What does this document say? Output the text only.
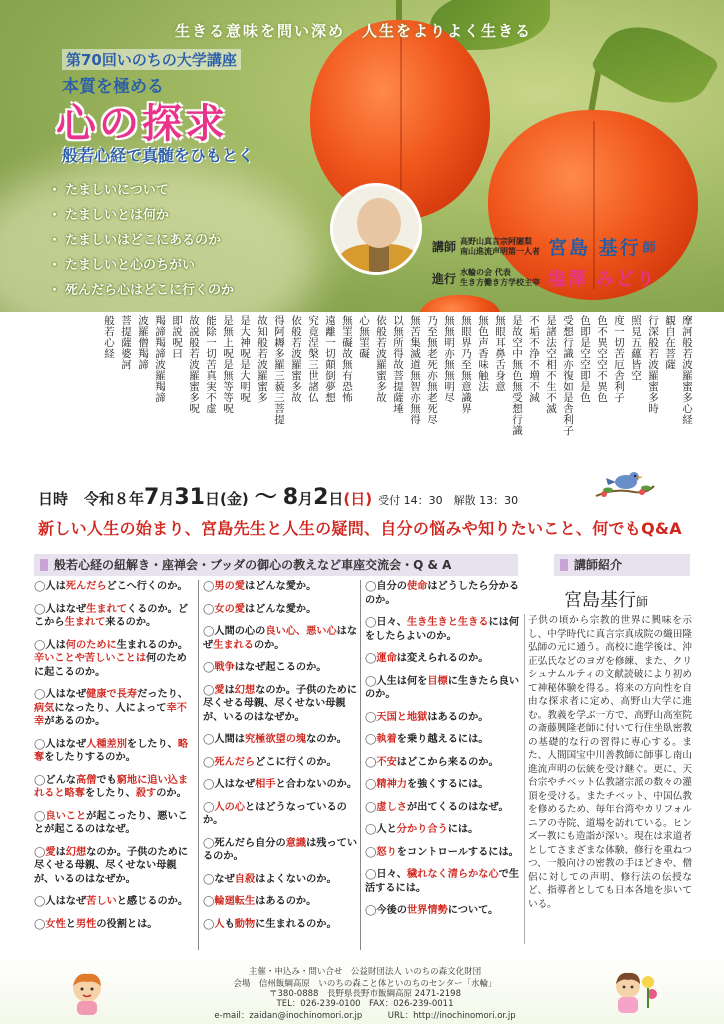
生きる意味を問い深め　人生をよりよく生きる
第70回いのちの大学講座
本質を極める
心の探求
般若心経で真髄をひもとく
・ たましいについて
・ たましいとは何か
・ たましいはどこにあるのか
・ たましいと心のちがい
・ 死んだら心はどこに行くのか
講師 高野山真言宗阿闍梨
南山進流声明第一人者 宮島 基行 師
進行 水輪の会 代表
生き方働き方学校主宰 塩澤 みどり
摩訶般若波羅蜜多心経
観自在菩薩
行深般若波羅蜜多時
照見五蘊皆空
度一切苦厄舎利子
色不異空空不異色
色即是空空即是色
受想行識亦復如是舎利子
是諸法空相不生不滅
不垢不浄不増不減
是故空中無色無受想行識
無眼耳鼻舌身意
無色声香味触法
無眼界乃至無意識界
無無明亦無無明尽
乃至無老死亦無老死尽
無苦集滅道無智亦無得
以無所得故菩提薩埵
依般若波羅蜜多故
心無罣礙
無罣礙故無有恐怖
遠離一切顛倒夢想
究竟涅槃三世諸仏
依般若波羅蜜多故
得阿耨多羅三藐三菩提
故知般若波羅蜜多
是大神呪是大明呪
是無上呪是無等等呪
能除一切苦真実不虚
故説般若波羅蜜多呪
即説呪曰
羯諦羯諦波羅羯諦
波羅僧羯諦
菩提薩婆訶
般若心経
日時 令和８年 7 月 31 日 (金) 〜 8 月 2 日 (日) 受付 14：30　解散 13：30
新しい人生の始まり、宮島先生と人生の疑問、自分の悩みや知りたいこと、何でもQ&A
般若心経の紐解き・座禅会・ブッダの御心の教えなど車座交流会・Q & A	講師紹介
◯人は死んだらどこへ行くのか。
◯人はなぜ生まれてくるのか。どこから生まれて来るのか。
◯人は何のために生まれるのか。辛いことや苦しいことは何のために起こるのか。
◯人はなぜ健康で長寿だったり、病気になったり、人によって幸不幸があるのか。
◯人はなぜ人種差別をしたり、略奪をしたりするのか。
◯どんな高僧でも窮地に追い込まれると略奪をしたり、殺すのか。
◯良いことが起こったり、悪いことが起こるのはなぜ。
◯愛は幻想なのか。子供のために尽くせる母親、尽くせない母親が、いるのはなぜか。
◯人はなぜ苦しいと感じるのか。
◯女性と男性の役割とは。
◯男の愛はどんな愛か。
◯女の愛はどんな愛か。
◯人間の心の良い心、悪い心はなぜ生まれるのか。
◯戦争はなぜ起こるのか。
◯愛は幻想なのか。子供のために尽くせる母親、尽くせない母親が、いるのはなぜか。
◯人間は究極欲望の塊なのか。
◯死んだらどこに行くのか。
◯人はなぜ相手と合わないのか。
◯人の心とはどうなっているのか。
◯死んだら自分の意識は残っているのか。
◯なぜ自殺はよくないのか。
◯輪廻転生はあるのか。
◯人も動物に生まれるのか。
◯自分の使命はどうしたら分かるのか。
◯日々、生き生きと生きるには何をしたらよいのか。
◯運命は変えられるのか。
◯人生は何を目標に生きたら良いのか。
◯天国と地獄はあるのか。
◯執着を乗り越えるには。
◯不安はどこから来るのか。
◯精神力を強くするには。
◯虚しさが出てくるのはなぜ。
◯人と分かり合うには。
◯怒りをコントロールするには。
◯日々、穢れなく清らかな心で生活するには。
◯今後の世界情勢について。
宮島基行師
子供の頃から宗教的世界に興味を示し、中学時代に真言宗真成院の織田隆弘師の元に通う。高校に進学後は、沖正弘氏などのヨガを修練、また、クリシュナムルティの文献読破により初めて神秘体験を得る。将来の方向性を自由な探求者に定め、高野山大学に進む。教義を学ぶ一方で、高野山高室院の斎藤興隆老師に付いて行住坐臥密教の基礎的な行の習得に専心する。また、人間国宝中川善教師に師事し南山進流声明の伝統を受け継ぐ。更に、天台宗やチベット仏教諸宗派の数々の灌頂を受ける。またチベット、中国仏教を修めるため、毎年台湾やカリフォルニアの寺院、道場を訪れている。ヒンズー教にも造詣が深い。現在は求道者としてさまざまな体験、修行を重ねつつ、一般向けの密教の手ほどきや、僧侶に対しての声明、修行法の伝授など、指導者としても日本各地を歩いている。
主催・申込み・問い合せ　公益財団法人 いのちの森文化財団
会場　信州飯綱高原　いのちの森こと体といのちのセンター「水輪」
〒380-0888　長野県長野市飯綱高原 2471-2198
TEL：026-239-0100　FAX：026-239-0011
e-mail：zaidan@inochinomori.or.jp　　　URL：http://inochinomori.or.jp
